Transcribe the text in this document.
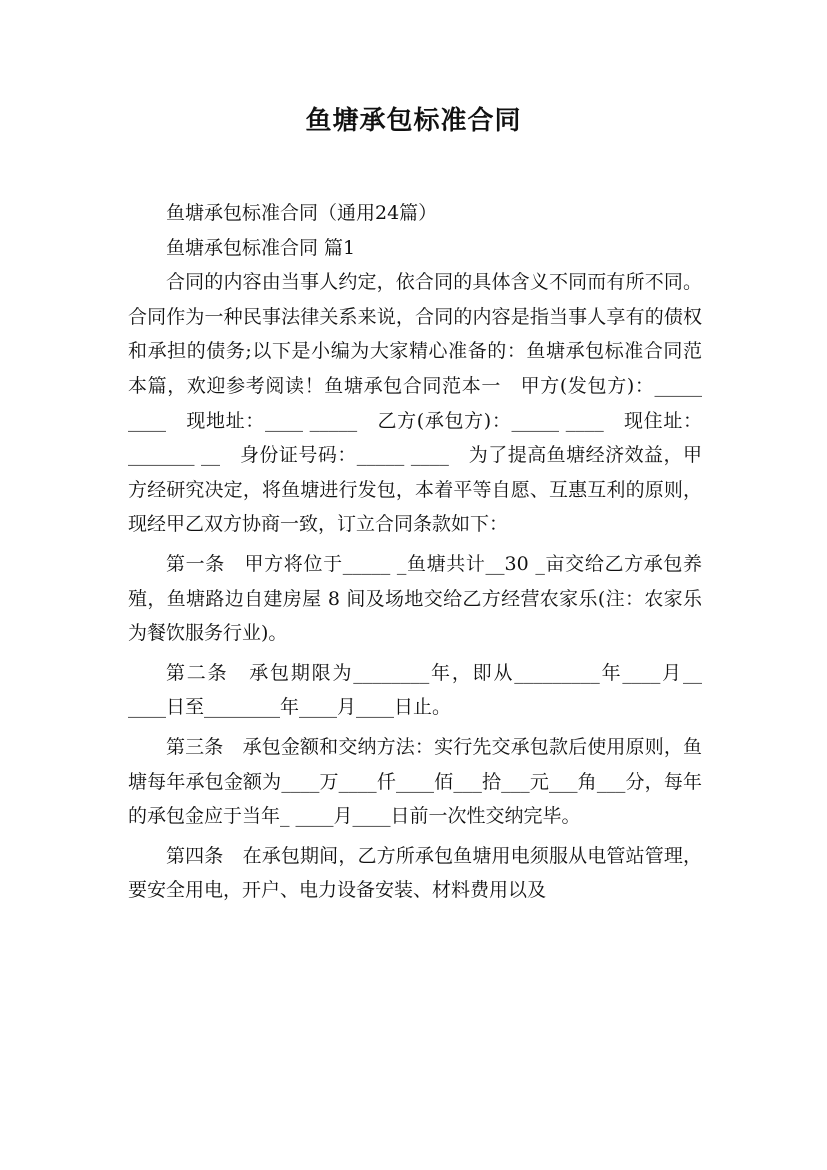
鱼塘承包标准合同

鱼塘承包标准合同（通用24篇）

鱼塘承包标准合同 篇1

合同的内容由当事人约定，依合同的具体含义不同而有所不同。合同作为一种民事法律关系来说，合同的内容是指当事人享有的债权和承担的债务;以下是小编为大家精心准备的：鱼塘承包标准合同范本篇，欢迎参考阅读！鱼塘承包合同范本一　甲方(发包方)：_____ ____　现地址：____ _____　乙方(承包方)：_____ ____　现住址：_______ __　身份证号码：_____ ____　为了提高鱼塘经济效益，甲方经研究决定，将鱼塘进行发包，本着平等自愿、互惠互利的原则，现经甲乙双方协商一致，订立合同条款如下：

第一条　甲方将位于_____ _鱼塘共计__30 _亩交给乙方承包养殖，鱼塘路边自建房屋 8 间及场地交给乙方经营农家乐(注：农家乐为餐饮服务行业)。

第二条　承包期限为________年，即从_________年____月__ ____日至________年____月____日止。

第三条　承包金额和交纳方法：实行先交承包款后使用原则，鱼塘每年承包金额为____万____仟____佰___拾___元___角___分，每年的承包金应于当年_ ____月____日前一次性交纳完毕。

第四条　在承包期间，乙方所承包鱼塘用电须服从电管站管理，要安全用电，开户、电力设备安装、材料费用以及
